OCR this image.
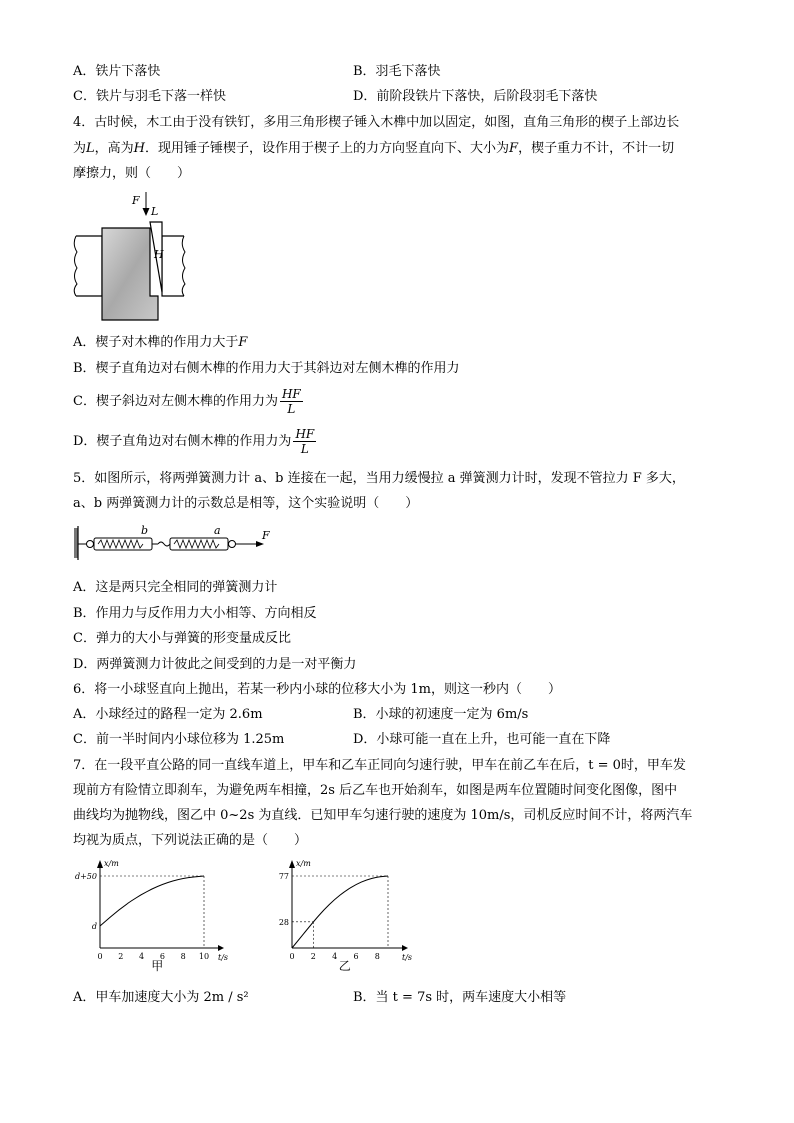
A．铁片下落快	B．羽毛下落快
C．铁片与羽毛下落一样快	D．前阶段铁片下落快，后阶段羽毛下落快
4．古时候，木工由于没有铁钉，多用三角形楔子锤入木榫中加以固定，如图，直角三角形的楔子上部边长
为L，高为H．现用锤子锤楔子，设作用于楔子上的力方向竖直向下、大小为F，楔子重力不计，不计一切
摩擦力，则（　　）
F
L
H
A．楔子对木榫的作用力大于F
B．楔子直角边对右侧木榫的作用力大于其斜边对左侧木榫的作用力
C．楔子斜边对左侧木榫的作用力为 $\frac{HF}{L}$
D．楔子直角边对右侧木榫的作用力为 $\frac{HF}{L}$
5．如图所示，将两弹簧测力计 a、b 连接在一起，当用力缓慢拉 a 弹簧测力计时，发现不管拉力 F 多大，
a、b 两弹簧测力计的示数总是相等，这个实验说明（　　）
b	a	F
A．这是两只完全相同的弹簧测力计
B．作用力与反作用力大小相等、方向相反
C．弹力的大小与弹簧的形变量成反比
D．两弹簧测力计彼此之间受到的力是一对平衡力
6．将一小球竖直向上抛出，若某一秒内小球的位移大小为 1m，则这一秒内（　　）
A．小球经过的路程一定为 2.6m	B．小球的初速度一定为 6m/s
C．前一半时间内小球位移为 1.25m	D．小球可能一直在上升，也可能一直在下降
7．在一段平直公路的同一直线车道上，甲车和乙车正同向匀速行驶，甲车在前乙车在后，t = 0时，甲车发
现前方有险情立即刹车，为避免两车相撞，2s 后乙车也开始刹车，如图是两车位置随时间变化图像，图中
曲线均为抛物线，图乙中 0~2s 为直线．已知甲车匀速行驶的速度为 10m/s，司机反应时间不计，将两汽车
均视为质点，下列说法正确的是（　　）
x/m
t/s
0 2 4 6 8 10
d
d+50
甲
x/m
t/s
0 2 4 6 8
28
77
乙
A．甲车加速度大小为 2m / s²	B．当 t = 7s 时，两车速度大小相等
